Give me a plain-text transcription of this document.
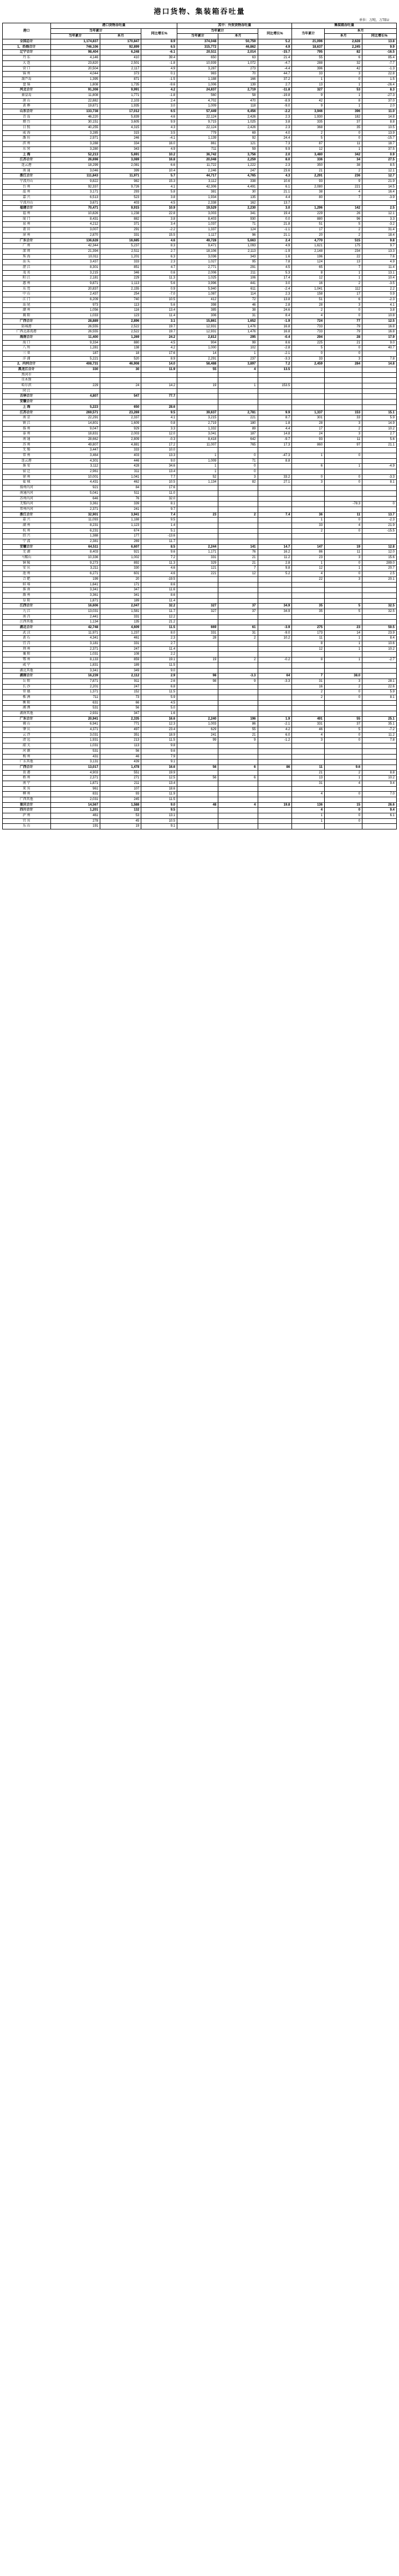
港口货物、集装箱吞吐量
单位：万吨、万TEU
港口	港口货物吞吐量			其中：外贸货物吞吐量			集装箱吞吐量		
	当年累计		同比增长%	当年累计		同比增长%	当年累计	本月	
	当年累计	本月		当年累计	本月			本月	同比增长%
全国总计	1,174,837	170,847	8.9	374,048	50,759	5.2	21,096	2,628	13.8
1、沿海合计	746,106	92,899	6.5	315,772	46,862	4.9	18,637	2,245	9.9
辽宁合计	98,404	6,248	-6.1	20,511	2,014	-15.7	795	82	-16.5
丹 东	4,146	410	39.4	650	63	21.4	55	6	85.4
大 连	23,820	2,501	-1.8	10,939	1,072	-4.7	288	32	-7.7
营 口	20,504	2,117	4.9	3,287	273	-4.4	396	42	-1.3
锦 州	4,044	373	0.1	983	70	44.7	33	3	22.8
葫芦岛	1,395	871	-1.5	1,188	166	37.2	1	0	1.5
盘 锦	1,808	1,735	-9.6	1,006	139	2.7	13	1	-26.4
河北合计	91,308	9,991	4.2	24,837	2,719	-11.8	327	53	8.3
秦皇岛	11,808	1,771	-1.8	560	58	-19.8	9	1	-27.3
唐 山	22,882	2,103	2.4	4,702	470	-8.9	42	8	37.0
黄 骅	19,871	1,935	3.0	1,009	118	-9.0	9	1	2.0
山东合计	133,738	17,012	6.5	57,449	6,456	-2.2	3,946	396	11.0
青 岛	46,220	5,839	4.6	22,124	2,426	2.3	1,930	182	14.8
烟 台	30,151	3,605	9.9	9,715	1,025	3.8	335	37	8.8
日 照	40,255	4,315	4.3	22,124	2,426	2.3	368	35	10.5
威 海	3,285	315	3.5	779	69	4.0	2	0	13.9
潍 坊	2,971	246	-4.1	1,139	92	24.4	5	0	-15.7
滨 州	3,288	334	16.0	861	121	7.3	87	11	18.7
东 营	3,280	343	4.9	711	59	9.9	12	1	37.5
上 海	52,213	5,691	10.2	36,742	3,756	2.0	3,480	342	0.9
江苏合计	26,698	3,089	16.8	20,048	2,259	8.0	336	34	27.5
连云港	18,299	2,081	6.6	11,722	1,222	2.3	350	38	8.5
南 通	3,046	399	10.4	2,246	247	23.6	21	2	12.1
浙江合计	111,843	11,971	5.7	44,717	4,765	4.3	2,291	236	12.7
宁波舟山	9,822	982	15.3	3,112	338	10.6	93	9	21.9
台 州	92,337	9,726	4.1	42,306	4,491	6.1	2,080	221	14.5
温 州	3,171	293	5.8	381	30	21.1	38	4	16.4
嘉 兴	6,513	523	3.8	1,934	135	4.4	80	7	-3.9
宁波舟山	3,671	403	4.5	2,338	162	13.7			
福建合计	70,471	9,915	10.9	19,529	2,230	3.0	1,296	142	2.5
福 州	10,826	1,238	22.8	3,003	341	19.4	229	26	12.1
厦 门	8,431	882	3.8	8,403	930	0.0	880	96	3.3
泉 州	4,212	371	3.4	1,037	71	21.8	51	5	-3.2
莆 田	3,007	291	-2.2	1,337	124	-1.1	17	2	31.4
漳 州	2,870	331	15.5	1,117	96	21.1	20	2	18.4
广东合计	136,628	16,685	4.6	49,728	5,663	2.4	4,770	515	9.8
广 州	42,344	5,237	8.3	9,471	1,093	4.9	1,621	175	9.7
深 圳	21,394	2,511	2.7	18,106	2,113	-1.9	2,148	234	13.3
珠 海	10,011	1,201	6.3	3,036	343	1.6	196	22	7.6
汕 头	3,437	333	2.3	1,027	95	7.8	124	13	4.9
湛 江	8,301	851	4.7	2,771	291	4.5	65	7	11.4
茂 名	3,215	346	0.6	2,006	211	5.3	8	1	13.1
阳 江	2,181	229	11.3	1,025	106	17.4	12	1	10.4
惠 州	9,871	1,113	5.6	3,996	441	3.0	16	2	-3.5
东 莞	20,837	2,155	0.9	5,940	611	-2.4	1,041	112	2.2
中 山	2,437	254	-7.0	1,087	114	2.3	158	17	0.9
江 门	6,209	740	10.5	412	72	13.8	51	6	-2.3
汕 尾	973	113	5.6	398	46	2.8	28	3	4.1
潮 州	1,056	116	13.4	385	38	24.6	2	0	3.8
揭 阳	1,033	123	11.4	306	31	8.4	4	0	10.8
广西合计	28,889	2,896	3.1	15,861	1,652	-1.9	724	77	12.5
防城港	26,555	2,522	19.7	12,931	1,476	16.8	733	79	16.8
广西北部湾港	26,555	2,522	19.7	12,931	1,476	16.8	733	79	16.8
海南合计	11,400	1,269	24.2	2,812	295	-0.4	294	28	17.9
海 口	9,334	880	4.5	904	99	8.6	225	21	9.0
八 所	1,281	138	4.2	1,000	102	-2.8	5	0	40.7
三 亚	187	18	17.6	14	1	-2.1	0	0	
洋 浦	5,221	520	8.9	2,291	237	-3.3	33	3	7.8
2、内河合计	408,731	46,908	14.0	58,488	3,897	7.2	2,459	284	14.8
黑龙江合计	330	30	11.9	55	4	13.5			
黑河市									
佳木斯									
哈尔滨	229	24	14.2	19	1	153.5			
同 江									
吉林合计	4,807	547	77.7						
安徽合计									
上 海	5,223	650	28.6						
江苏合计	269,571	23,269	9.5	39,637	2,781	9.9	1,337	153	15.1
南 京	22,291	2,337	4.1	3,215	221	8.7	301	33	5.9
镇 江	14,801	1,609	0.8	2,719	180	1.8	28	3	14.9
扬 州	9,047	929	3.3	1,332	89	4.4	17	2	10.2
泰 州	18,831	2,003	12.0	3,041	187	14.8	24	3	2.7
南 通	28,662	2,809	-0.3	8,418	642	-9.7	93	11	5.6
苏 州	49,807	4,881	17.2	11,007	765	17.3	860	97	21.1
无 锡	3,447	333	10.0						
常 州	3,464	403	13.3	1	0	-47.3	1	0	
连云港	4,301	446	9.0	1,009	71	8.8			
淮 安	3,112	428	34.6	1	0		6	1	-4.9
宿 迁	2,961	311	13.4	1	0				
徐 州	10,001	1,041	7.7	52	3	33.2	0	0	-3.3
盐 城	4,431	462	10.5	1,134	82	27.1	3	0	8.1
扬州内河	921	84	17.6						
南通内河	5,041	511	11.0						
苏州内河	646	76	32.0						
无锡内河	3,361	339	8.1					-78.3	0
常州内河	2,371	241	9.7						
浙江合计	32,901	3,941	7.4	23	2	7.4	36	11	13.7
嘉 兴	11,093	1,188	9.5				1	0	-2.3
湖 州	8,231	1,123	1.4				33	4	21.9
杭 州	6,231	674	5.1				2	0	-15.5
绍 兴	1,388	177	-13.6						
宁 波	2,381	269	11.7						
安徽合计	64,511	6,607	8.5	2,244	141	14.7	147	19	12.8
芜 湖	8,403	921	9.6	1,171	76	16.2	86	11	12.0
马鞍山	10,336	1,002	7.2	331	21	11.2	23	3	15.6
铜 陵	9,273	892	11.3	329	21	2.8	1	0	289.0
安 庆	3,211	330	4.6	121	7	9.8	12	1	20.7
池 州	6,271	601	4.6	221	12	5.2	4	0	2.5
合 肥	199	20	-19.5				22	3	20.1
蚌 埠	1,641	171	8.6						
淮 南	3,341	347	11.6						
滁 州	3,361	341	8.6						
阜 阳	1,871	189	11.4						
江西合计	16,606	2,047	32.2	327	37	34.9	35	5	32.5
九 江	13,031	1,581	11.7	327	37	34.9	35	5	32.5
南 昌	2,441	331	12.2						
江西其他	1,134	135	21.2						
湖北合计	42,748	4,609	11.5	669	61	-3.9	275	23	50.5
武 汉	11,971	1,237	8.0	331	31	-9.0	173	14	23.9
黄 石	4,341	461	2.3	28	2	10.2	11	1	8.4
宜 昌	3,181	331	2.7				8	1	10.6
荆 州	2,371	247	11.4				12	1	10.2
襄 阳	1,031	108	2.2						
鄂 州	8,133	859	19.1	19	2	-0.2	8	1	-2.7
咸 宁	1,831	189	11.5						
湖北其他	3,341	349	9.0						
湖南合计	16,239	2,112	2.9	98	-3.3	64	7	38.0	
岳 阳	7,871	911	2.6	98	9	-3.3	31	3	28.1
长 沙	2,201	247	6.8				16	2	22.6
常 德	1,371	152	11.5				2	0	5.9
株 洲	711	73	5.9				2	0	8.1
衡 阳	631	66	4.5						
湘 潭	531	56	5.0						
湖南其他	2,931	347	1.6						
广东合计	20,941	2,335	16.6	2,240	196	1.9	491	55	25.1
佛 山	6,941	771	12.3	1,003	86	-2.1	331	37	35.1
肇 庆	4,371	497	23.4	629	55	4.2	46	5	-7.2
云 浮	3,031	351	18.9	241	21	6.0	4	0	11.2
清 远	1,931	213	11.5	99	9	-1.2	3	0	7.8
韶 关	1,031	113	9.8						
河 源	531	56	9.6						
梅 州	431	46	7.9						
广东其他	3,131	439	9.1						
广西合计	13,017	1,478	16.6	56	6	86	11	9.6	
贵 港	4,903	551	19.9				21	2	8.8
梧 州	2,371	271	12.5	56	6		13	1	10.2
南 宁	1,871	211	13.4				31	4	9.4
来 宾	961	107	18.6						
柳 州	831	93	11.9				4	0	7.0
广西其他	2,031	245	11.5						
重庆合计	14,567	1,588	9.0	48	4	19.8	136	15	26.6
四川合计	1,201	132	9.5				4	0	9.4
泸 州	461	53	13.1				1	0	6.1
宜 宾	278	45	10.5				1	0	
乐 山	191	19	9.1						
